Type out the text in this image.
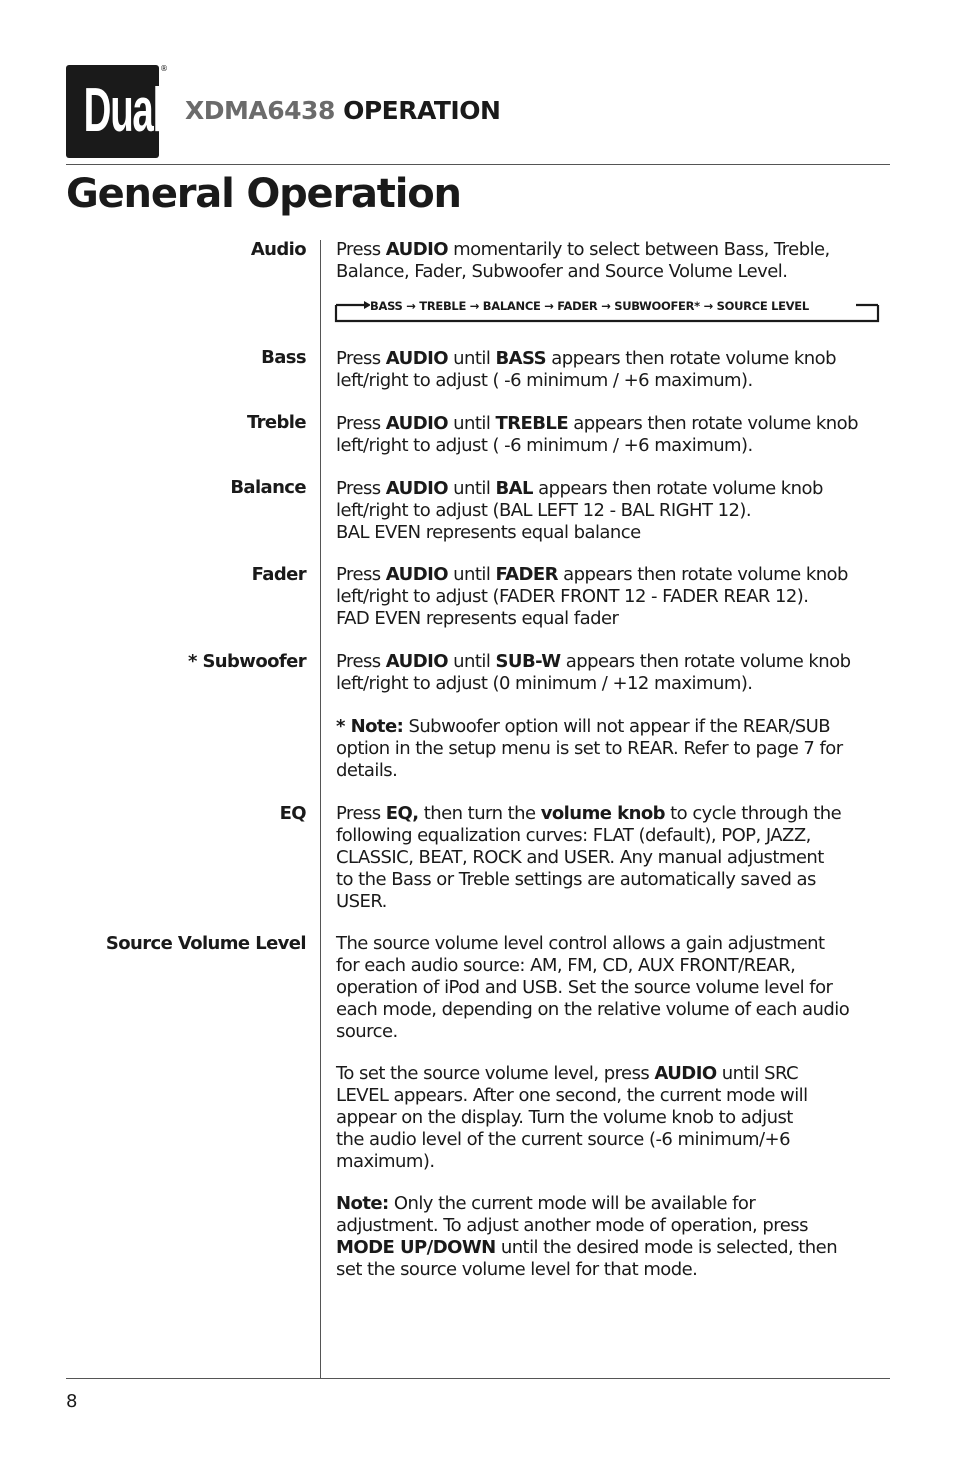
Dual
®
XDMA6438 OPERATION
General Operation
Audio Press AUDIO momentarily to select between Bass, Treble,
Balance, Fader, Subwoofer and Source Volume Level.
BASS → TREBLE → BALANCE → FADER → SUBWOOFER* → SOURCE LEVEL
Bass Press AUDIO until BASS appears then rotate volume knob
left/right to adjust ( -6 minimum / +6 maximum).
Treble Press AUDIO until TREBLE appears then rotate volume knob
left/right to adjust ( -6 minimum / +6 maximum).
Balance Press AUDIO until BAL appears then rotate volume knob
left/right to adjust (BAL LEFT 12 - BAL RIGHT 12).
BAL EVEN represents equal balance
Fader Press AUDIO until FADER appears then rotate volume knob
left/right to adjust (FADER FRONT 12 - FADER REAR 12).
FAD EVEN represents equal fader
* Subwoofer Press AUDIO until SUB-W appears then rotate volume knob
left/right to adjust (0 minimum / +12 maximum).
* Note: Subwoofer option will not appear if the REAR/SUB
option in the setup menu is set to REAR. Refer to page 7 for
details.
EQ Press EQ, then turn the volume knob to cycle through the
following equalization curves: FLAT (default), POP, JAZZ,
CLASSIC, BEAT, ROCK and USER. Any manual adjustment
to the Bass or Treble settings are automatically saved as
USER.
Source Volume Level The source volume level control allows a gain adjustment
for each audio source: AM, FM, CD, AUX FRONT/REAR,
operation of iPod and USB. Set the source volume level for
each mode, depending on the relative volume of each audio
source.
To set the source volume level, press AUDIO until SRC
LEVEL appears. After one second, the current mode will
appear on the display. Turn the volume knob to adjust
the audio level of the current source (-6 minimum/+6
maximum).
Note: Only the current mode will be available for
adjustment. To adjust another mode of operation, press
MODE UP/DOWN until the desired mode is selected, then
set the source volume level for that mode.
8
